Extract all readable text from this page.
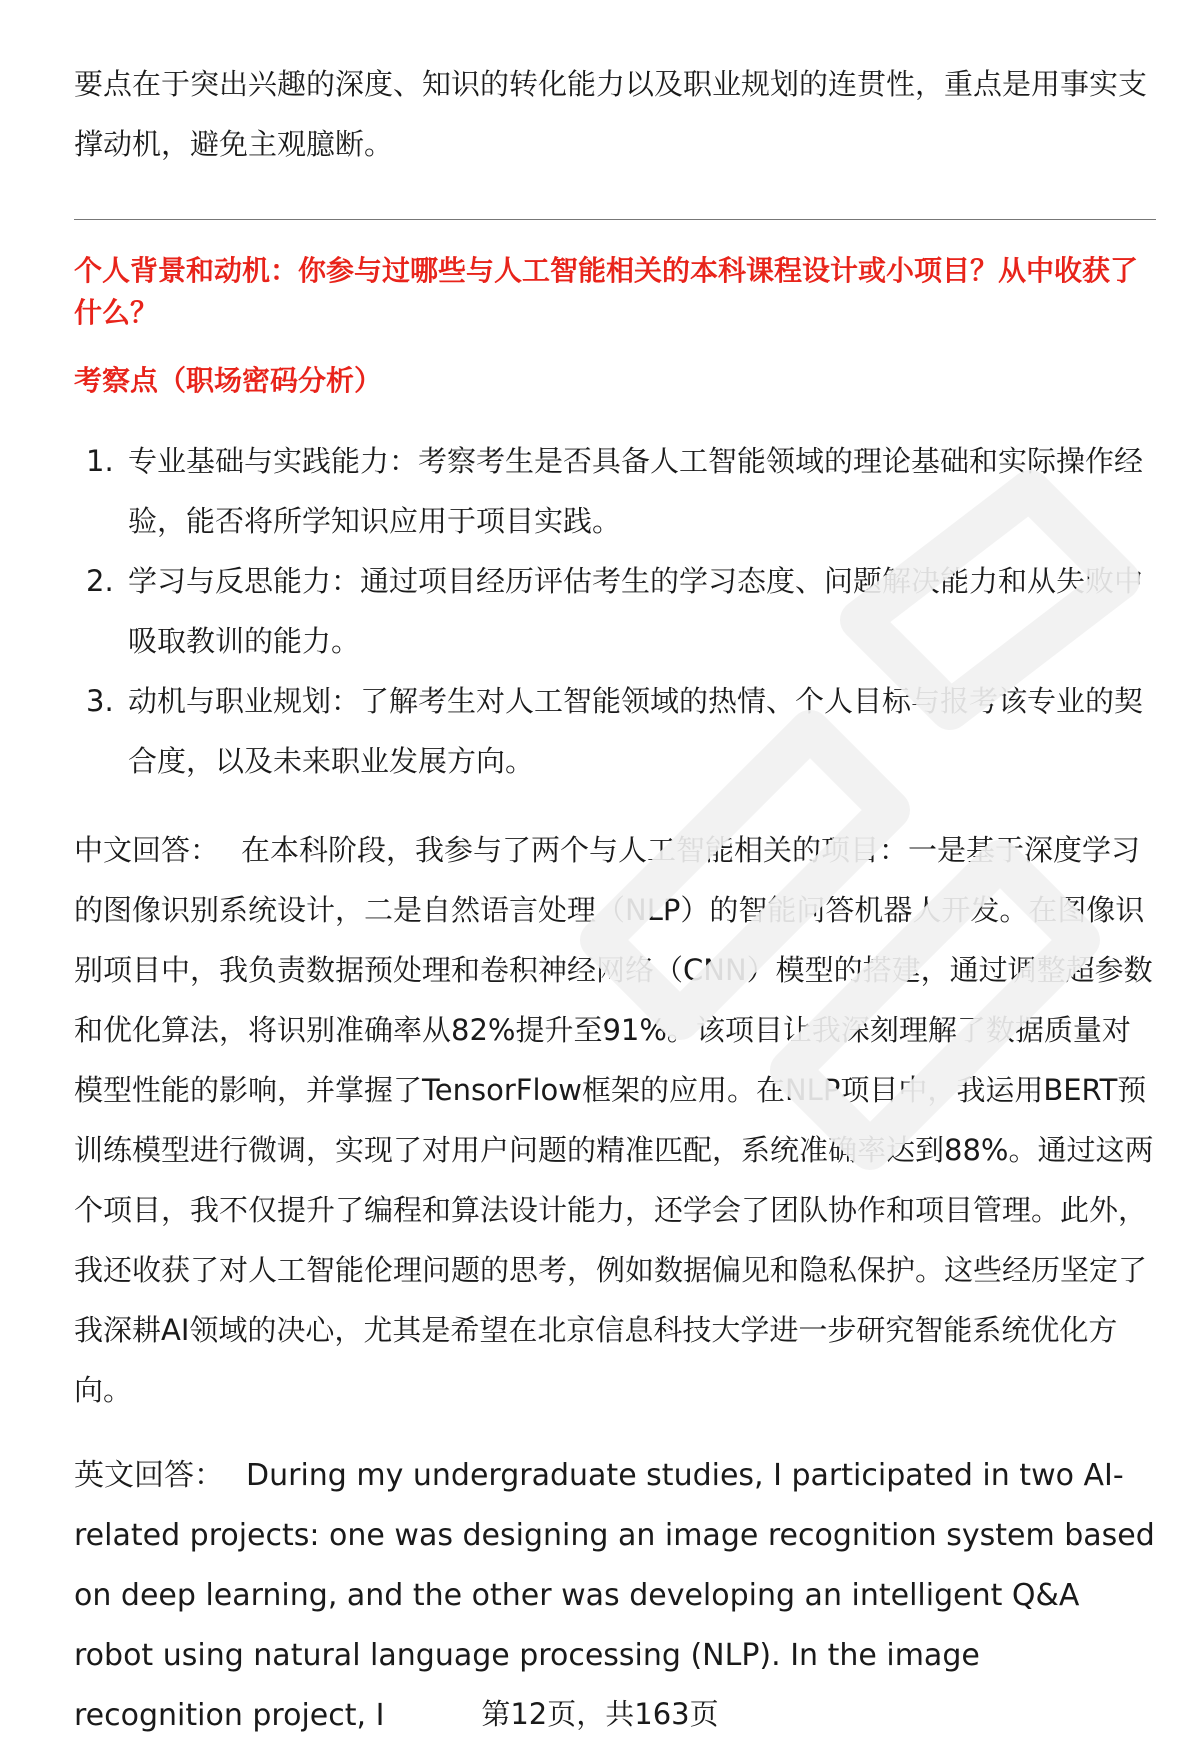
要点在于突出兴趣的深度、知识的转化能力以及职业规划的连贯性，重点是用事实支撑动机，避免主观臆断。

个人背景和动机：你参与过哪些与人工智能相关的本科课程设计或小项目？从中收获了什么？
考察点（职场密码分析）
1. 专业基础与实践能力：考察考生是否具备人工智能领域的理论基础和实际操作经验，能否将所学知识应用于项目实践。
2. 学习与反思能力：通过项目经历评估考生的学习态度、问题解决能力和从失败中吸取教训的能力。
3. 动机与职业规划：了解考生对人工智能领域的热情、个人目标与报考该专业的契合度，以及未来职业发展方向。

中文回答： 在本科阶段，我参与了两个与人工智能相关的项目：一是基于深度学习的图像识别系统设计，二是自然语言处理（NLP）的智能问答机器人开发。在图像识别项目中，我负责数据预处理和卷积神经网络（CNN）模型的搭建，通过调整超参数和优化算法，将识别准确率从82%提升至91%。该项目让我深刻理解了数据质量对模型性能的影响，并掌握了TensorFlow框架的应用。在NLP项目中，我运用BERT预训练模型进行微调，实现了对用户问题的精准匹配，系统准确率达到88%。通过这两个项目，我不仅提升了编程和算法设计能力，还学会了团队协作和项目管理。此外，我还收获了对人工智能伦理问题的思考，例如数据偏见和隐私保护。这些经历坚定了我深耕AI领域的决心，尤其是希望在北京信息科技大学进一步研究智能系统优化方向。

英文回答： During my undergraduate studies, I participated in two AI-related projects: one was designing an image recognition system based on deep learning, and the other was developing an intelligent Q&A robot using natural language processing (NLP). In the image recognition project, I	第12页，共163页
